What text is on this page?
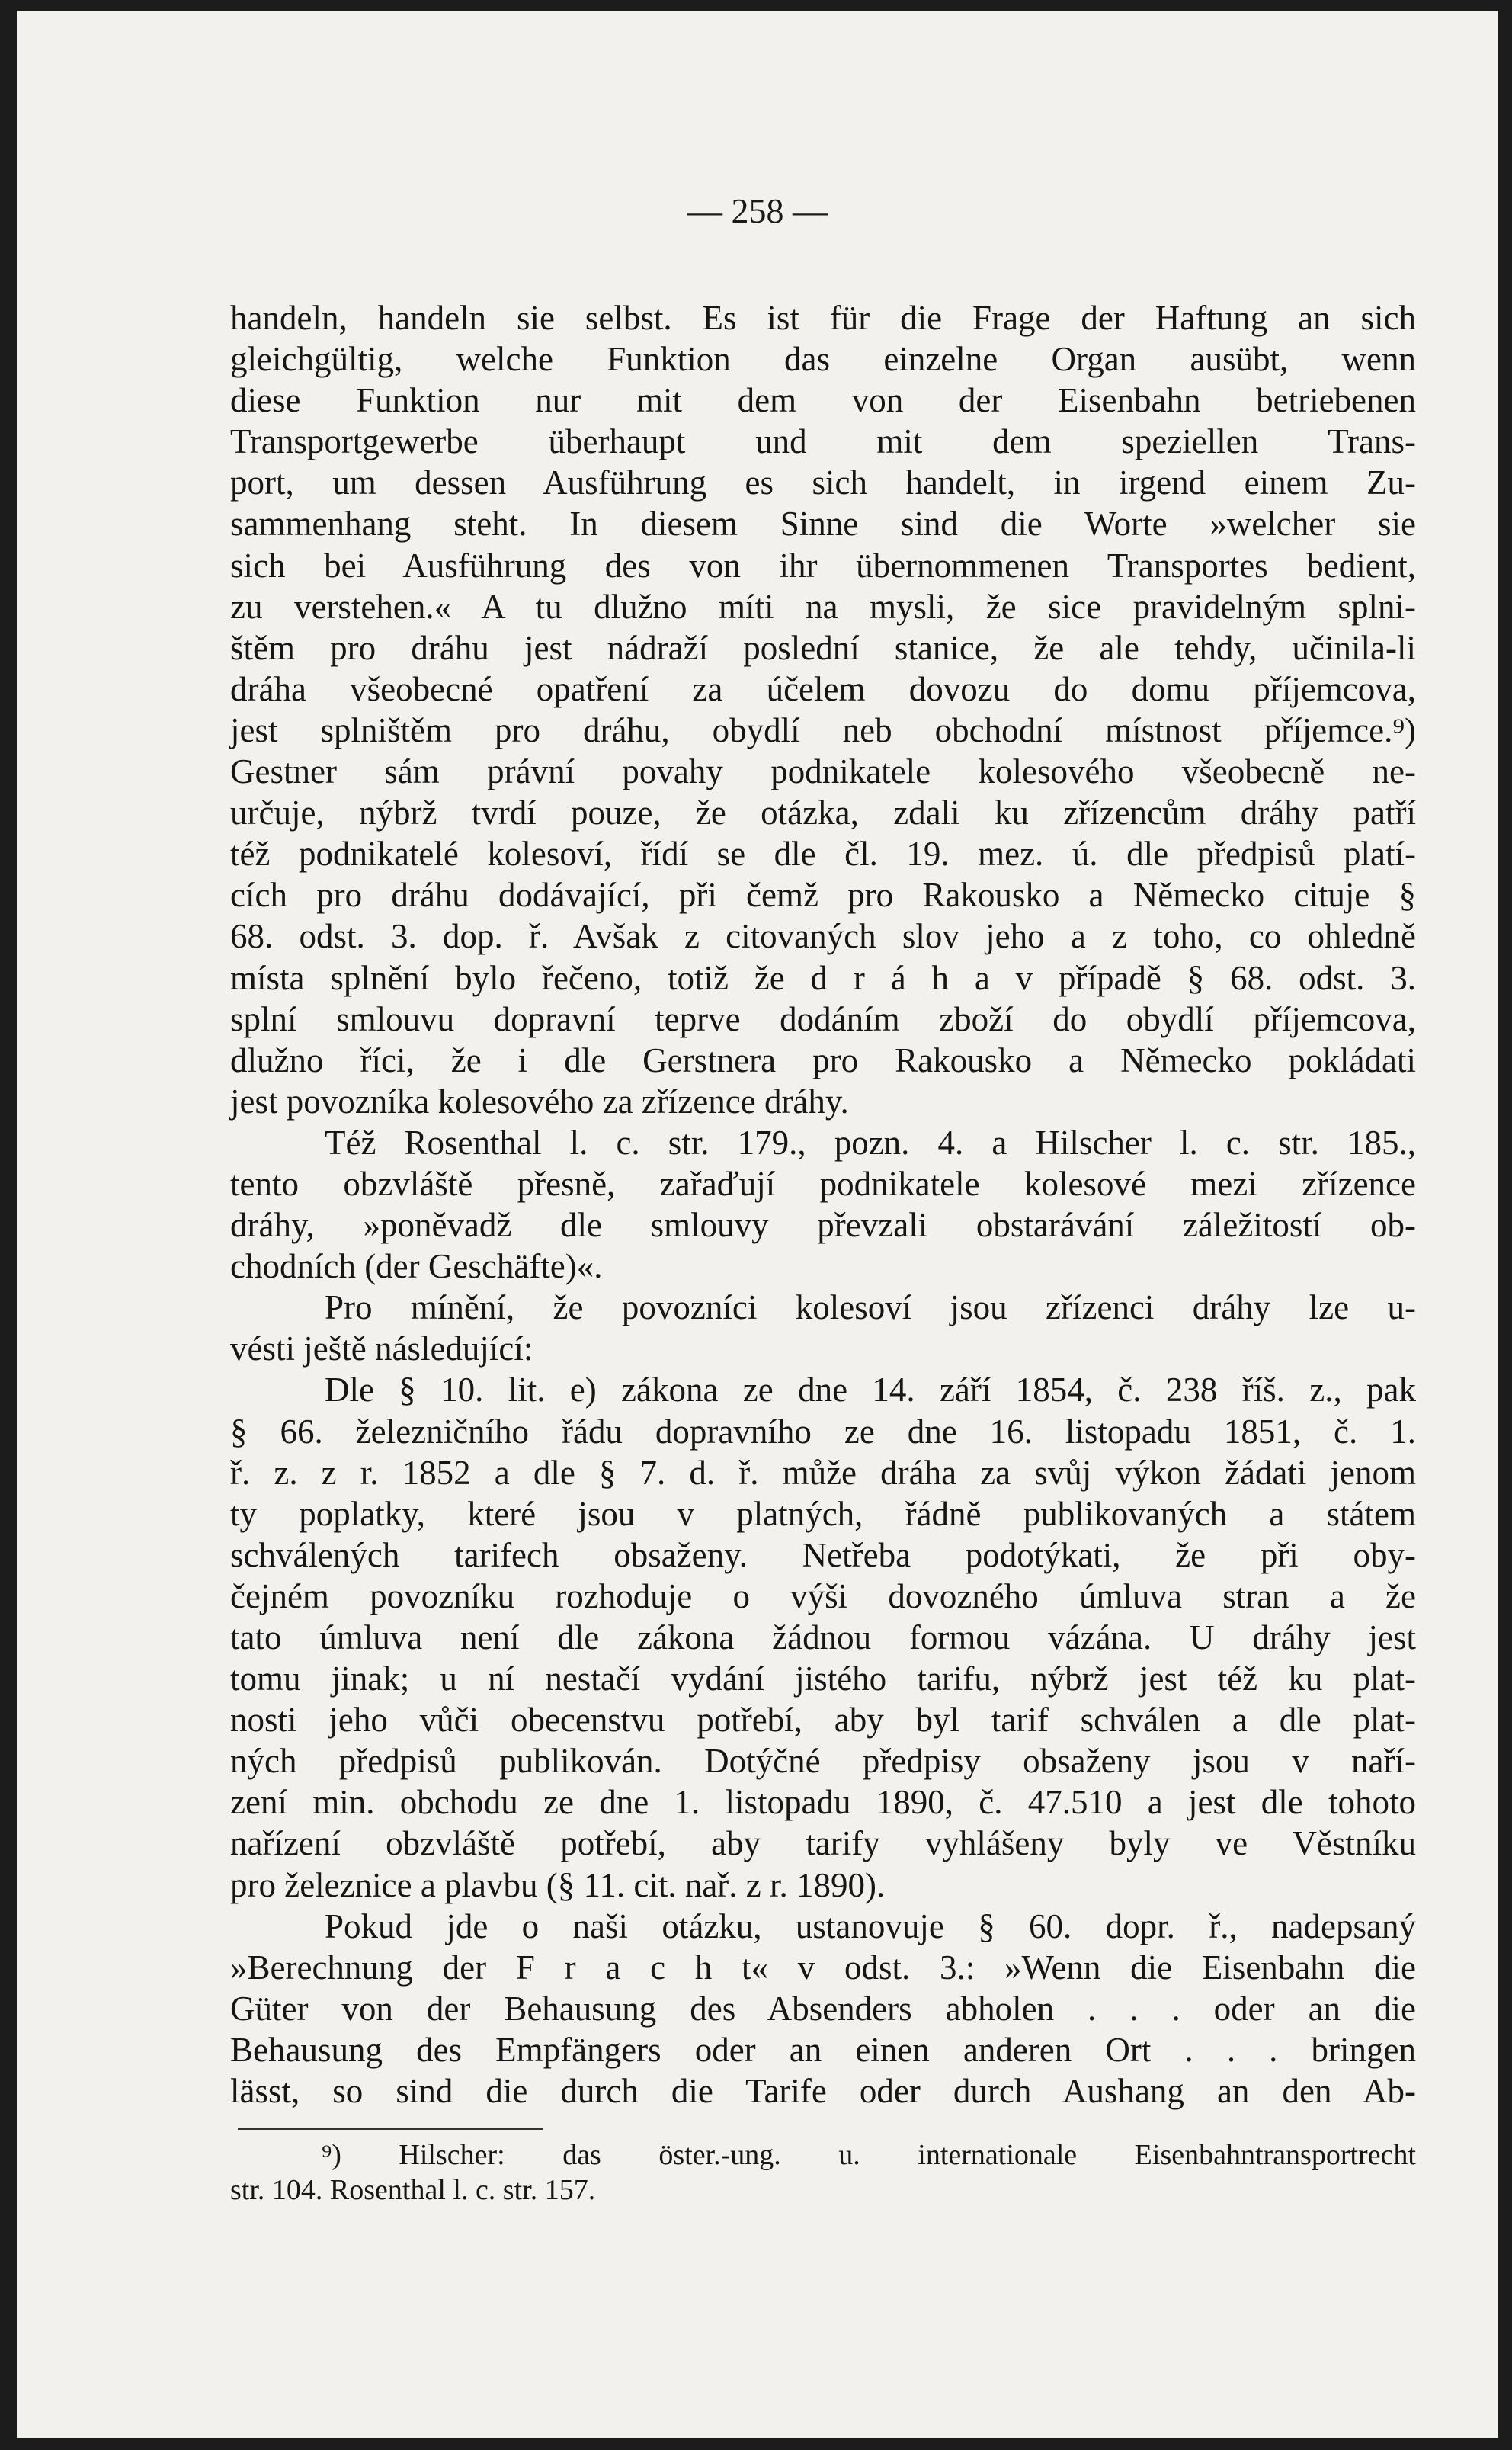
— 258 —
handeln, handeln sie selbst. Es ist für die Frage der Haftung an sich
gleichgültig, welche Funktion das einzelne Organ ausübt, wenn
diese Funktion nur mit dem von der Eisenbahn betriebenen
Transportgewerbe überhaupt und mit dem speziellen Trans-
port, um dessen Ausführung es sich handelt, in irgend einem Zu-
sammenhang steht. In diesem Sinne sind die Worte »welcher sie
sich bei Ausführung des von ihr übernommenen Transportes bedient,
zu verstehen.« A tu dlužno míti na mysli, že sice pravidelným splni-
štěm pro dráhu jest nádraží poslední stanice, že ale tehdy, učinila-li
dráha všeobecné opatření za účelem dovozu do domu příjemcova,
jest splništěm pro dráhu, obydlí neb obchodní místnost příjemce.⁹)
Gestner sám právní povahy podnikatele kolesového všeobecně ne-
určuje, nýbrž tvrdí pouze, že otázka, zdali ku zřízencům dráhy patří
též podnikatelé kolesoví, řídí se dle čl. 19. mez. ú. dle předpisů platí-
cích pro dráhu dodávající, při čemž pro Rakousko a Německo cituje §
68. odst. 3. dop. ř. Avšak z citovaných slov jeho a z toho, co ohledně
místa splnění bylo řečeno, totiž že d r á h a v případě § 68. odst. 3.
splní smlouvu dopravní teprve dodáním zboží do obydlí příjemcova,
dlužno říci, že i dle Gerstnera pro Rakousko a Německo pokládati
jest povozníka kolesového za zřízence dráhy.
Též Rosenthal l. c. str. 179., pozn. 4. a Hilscher l. c. str. 185.,
tento obzvláště přesně, zařaďují podnikatele kolesové mezi zřízence
dráhy, »poněvadž dle smlouvy převzali obstarávání záležitostí ob-
chodních (der Geschäfte)«.
Pro mínění, že povozníci kolesoví jsou zřízenci dráhy lze u-
vésti ještě následující:
Dle § 10. lit. e) zákona ze dne 14. září 1854, č. 238 říš. z., pak
§ 66. železničního řádu dopravního ze dne 16. listopadu 1851, č. 1.
ř. z. z r. 1852 a dle § 7. d. ř. může dráha za svůj výkon žádati jenom
ty poplatky, které jsou v platných, řádně publikovaných a státem
schválených tarifech obsaženy. Netřeba podotýkati, že při oby-
čejném povozníku rozhoduje o výši dovozného úmluva stran a že
tato úmluva není dle zákona žádnou formou vázána. U dráhy jest
tomu jinak; u ní nestačí vydání jistého tarifu, nýbrž jest též ku plat-
nosti jeho vůči obecenstvu potřebí, aby byl tarif schválen a dle plat-
ných předpisů publikován. Dotýčné předpisy obsaženy jsou v naří-
zení min. obchodu ze dne 1. listopadu 1890, č. 47.510 a jest dle tohoto
nařízení obzvláště potřebí, aby tarify vyhlášeny byly ve Věstníku
pro železnice a plavbu (§ 11. cit. nař. z r. 1890).
Pokud jde o naši otázku, ustanovuje § 60. dopr. ř., nadepsaný
»Berechnung der F r a c h t« v odst. 3.: »Wenn die Eisenbahn die
Güter von der Behausung des Absenders abholen . . . oder an die
Behausung des Empfängers oder an einen anderen Ort . . . bringen
lässt, so sind die durch die Tarife oder durch Aushang an den Ab-
⁹) Hilscher: das öster.-ung. u. internationale Eisenbahntransportrecht
str. 104. Rosenthal l. c. str. 157.
